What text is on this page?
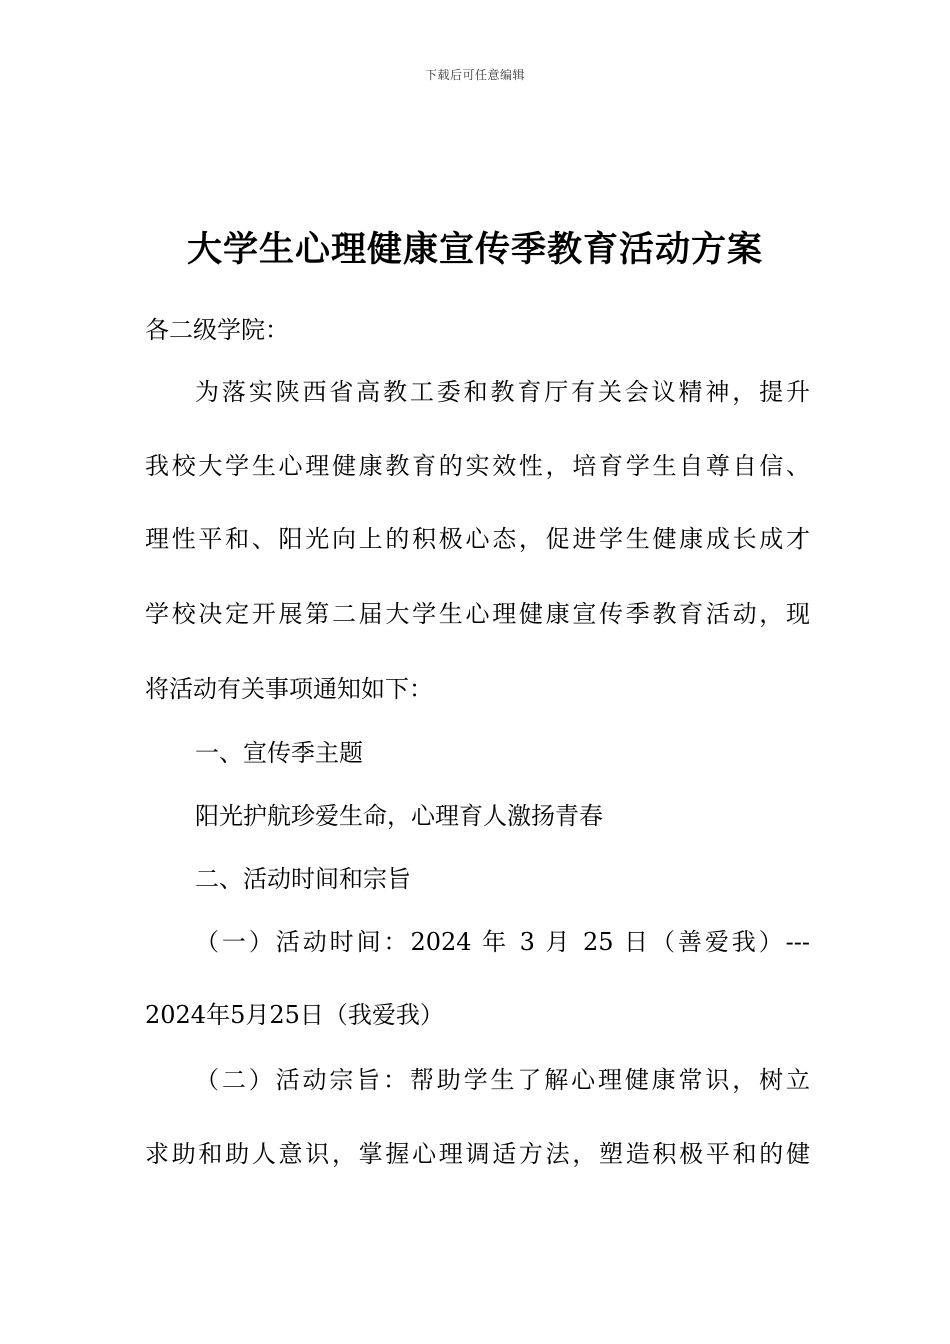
下载后可任意编辑
大学生心理健康宣传季教育活动方案
各二级学院：
为落实陕西省高教工委和教育厅有关会议精神，提升
我校大学生心理健康教育的实效性，培育学生自尊自信、
理性平和、阳光向上的积极心态，促进学生健康成长成才
学校决定开展第二届大学生心理健康宣传季教育活动，现
将活动有关事项通知如下：
一、宣传季主题
阳光护航珍爱生命，心理育人激扬青春
二、活动时间和宗旨
（一）活动时间：2024 年 3 月 25 日（善爱我）---
2024年5月25日（我爱我）
（二）活动宗旨：帮助学生了解心理健康常识，树立
求助和助人意识，掌握心理调适方法，塑造积极平和的健
